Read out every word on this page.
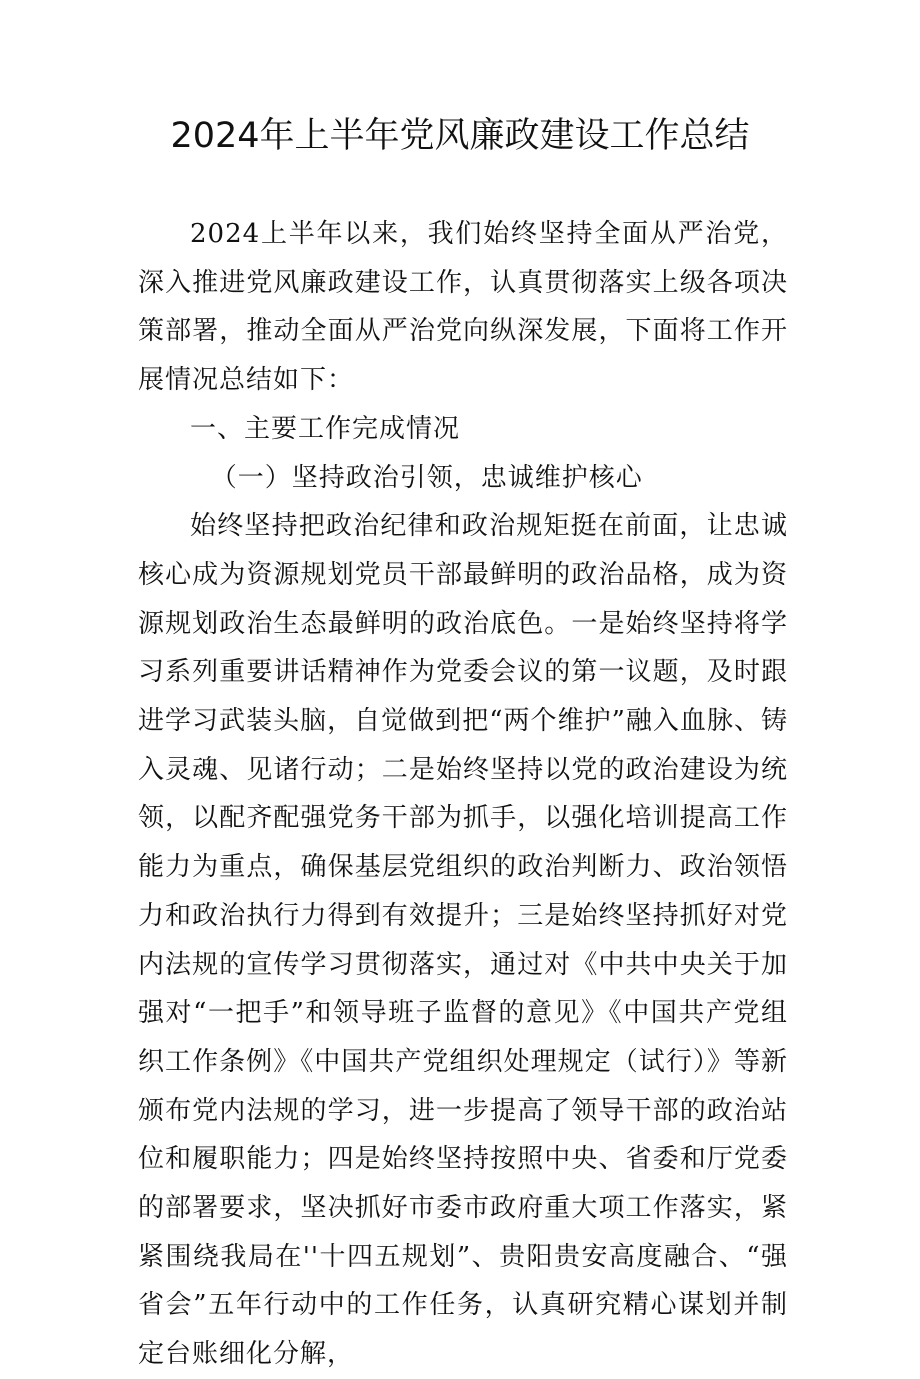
2024年上半年党风廉政建设工作总结

2024上半年以来，我们始终坚持全面从严治党，深入推进党风廉政建设工作，认真贯彻落实上级各项决策部署，推动全面从严治党向纵深发展，下面将工作开展情况总结如下：

一、主要工作完成情况

（一）坚持政治引领，忠诚维护核心

始终坚持把政治纪律和政治规矩挺在前面，让忠诚核心成为资源规划党员干部最鲜明的政治品格，成为资源规划政治生态最鲜明的政治底色。一是始终坚持将学习系列重要讲话精神作为党委会议的第一议题，及时跟进学习武装头脑，自觉做到把“两个维护”融入血脉、铸入灵魂、见诸行动；二是始终坚持以党的政治建设为统领，以配齐配强党务干部为抓手，以强化培训提高工作能力为重点，确保基层党组织的政治判断力、政治领悟力和政治执行力得到有效提升；三是始终坚持抓好对党内法规的宣传学习贯彻落实，通过对《中共中央关于加强对“一把手”和领导班子监督的意见》《中国共产党组织工作条例》《中国共产党组织处理规定（试行）》等新颁布党内法规的学习，进一步提高了领导干部的政治站位和履职能力；四是始终坚持按照中央、省委和厅党委的部署要求，坚决抓好市委市政府重大项工作落实，紧紧围绕我局在''十四五规划”、贵阳贵安高度融合、“强省会”五年行动中的工作任务，认真研究精心谋划并制定台账细化分解，
